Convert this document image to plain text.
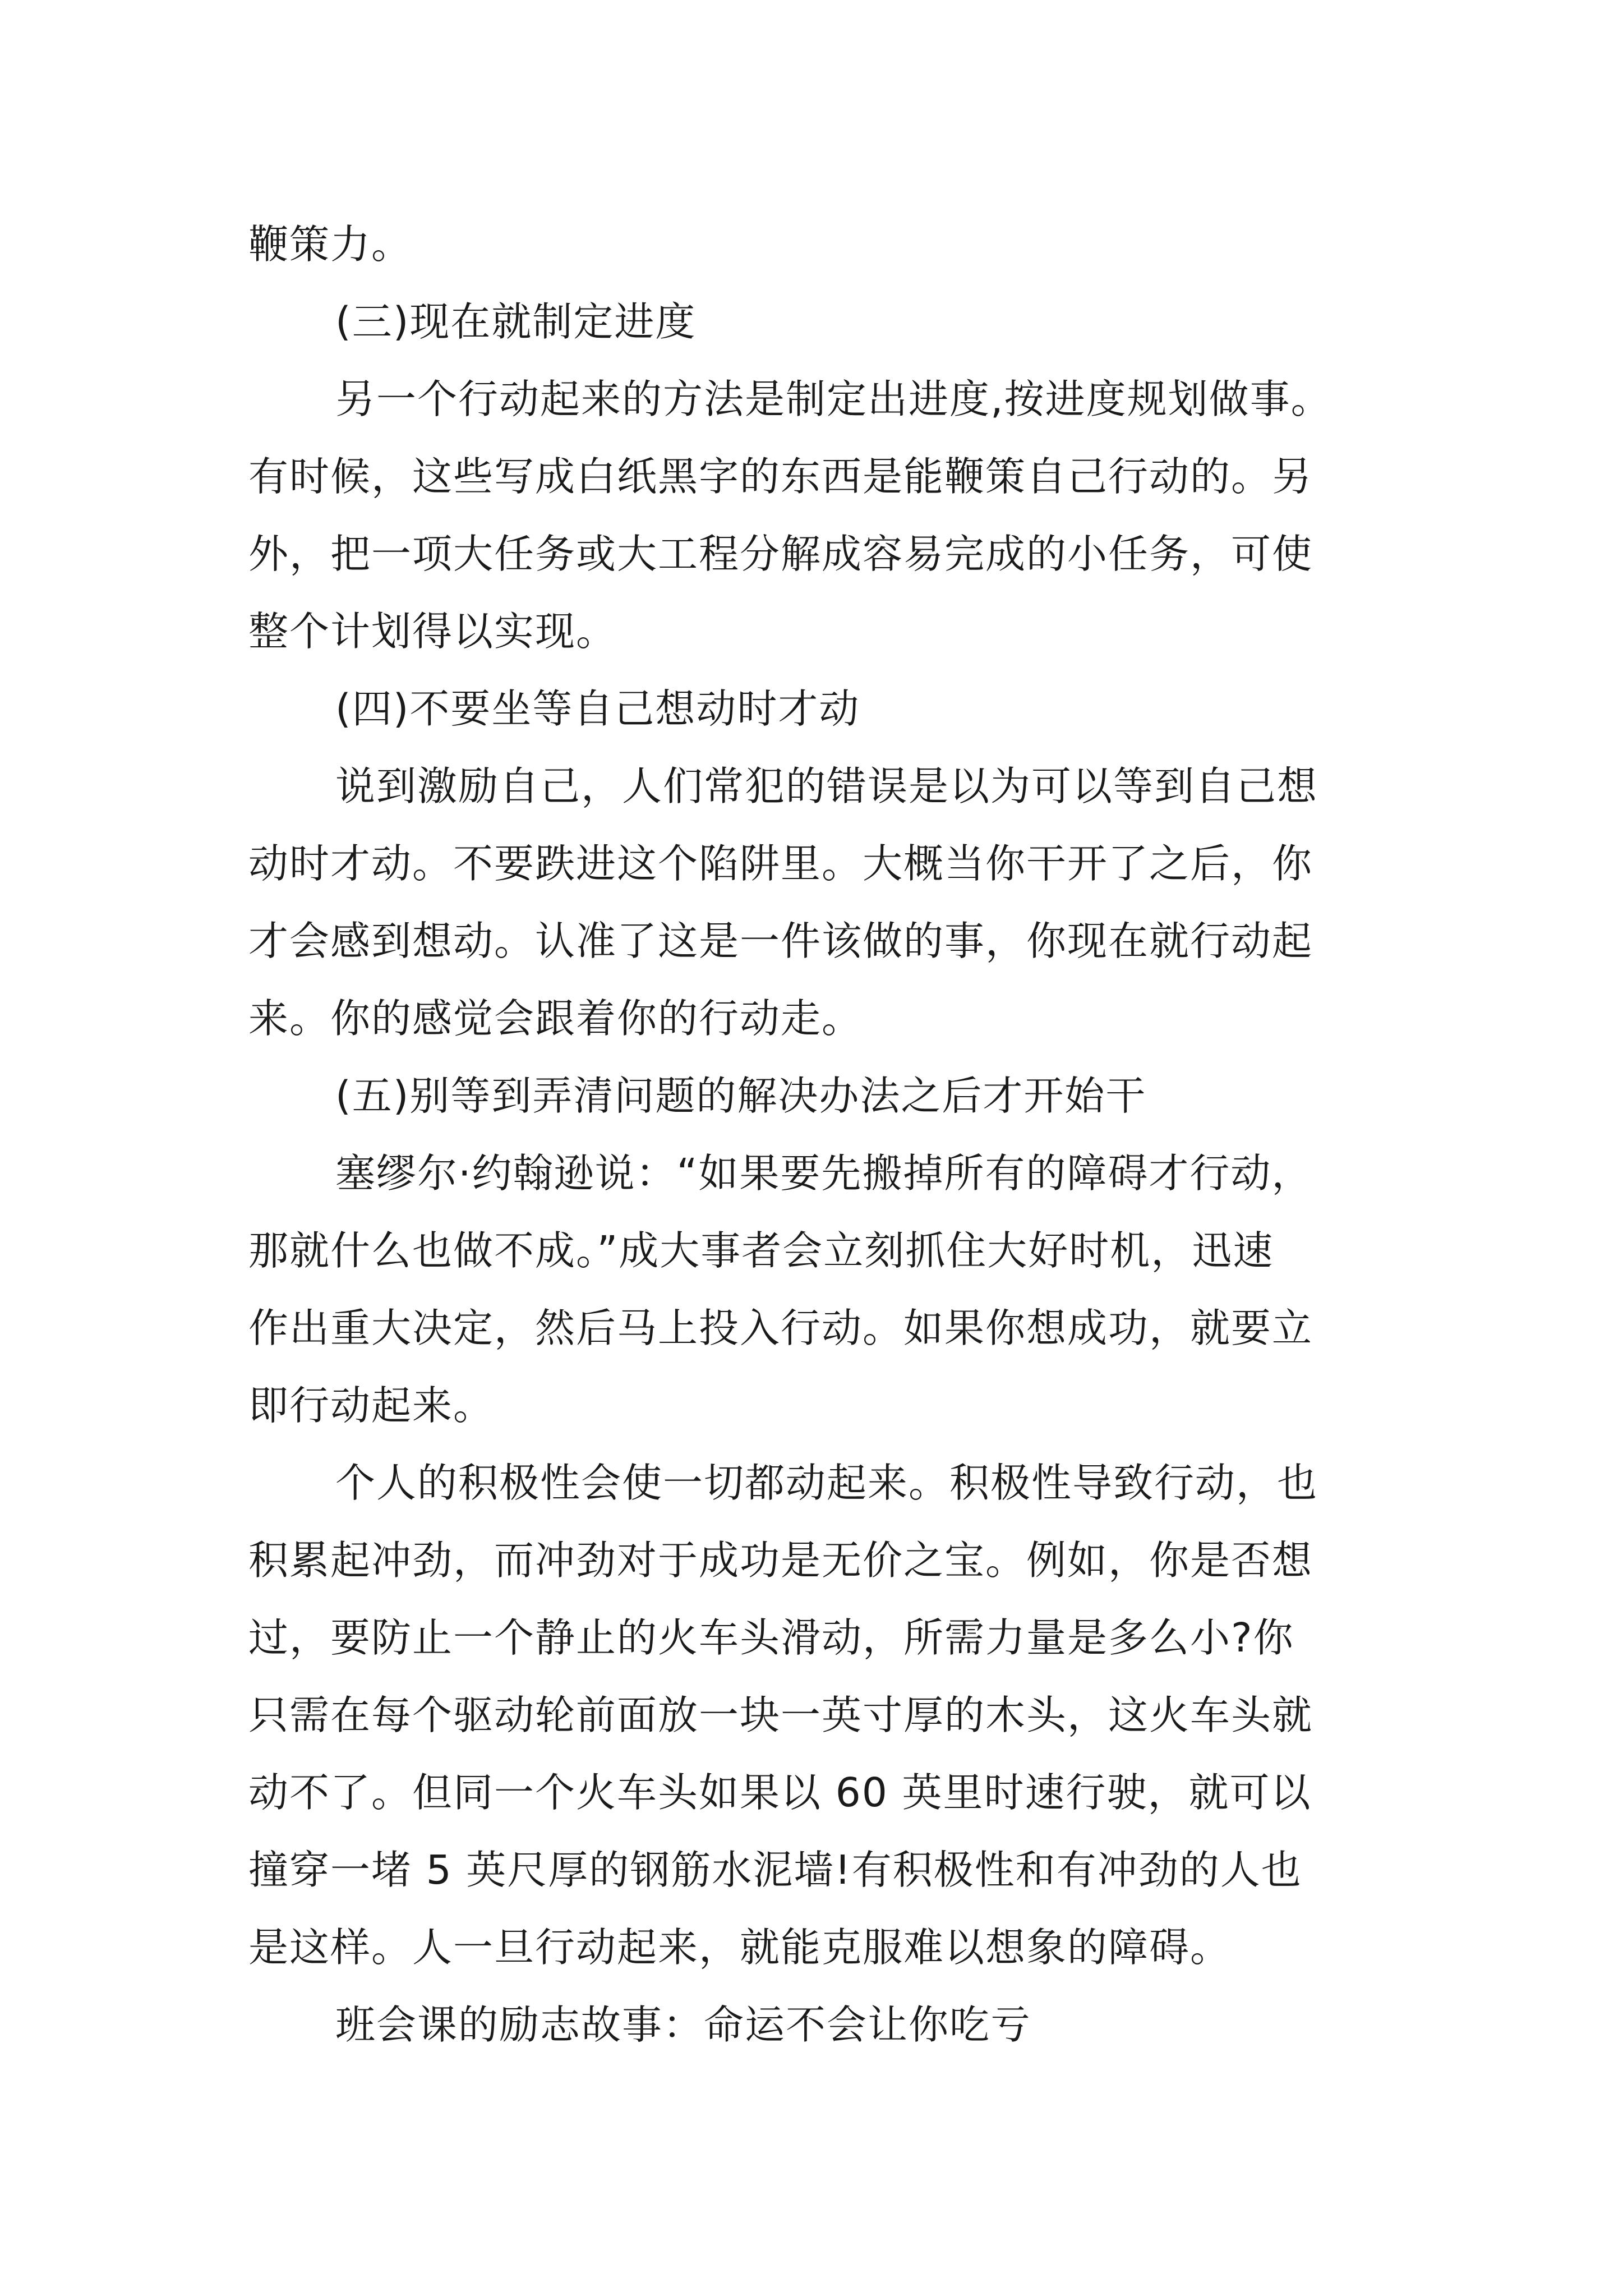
鞭策力。

(三)现在就制定进度

另一个行动起来的方法是制定出进度,按进度规划做事。

有时候，这些写成白纸黑字的东西是能鞭策自己行动的。另

外，把一项大任务或大工程分解成容易完成的小任务，可使

整个计划得以实现。

(四)不要坐等自己想动时才动

说到激励自己，人们常犯的错误是以为可以等到自己想

动时才动。不要跌进这个陷阱里。大概当你干开了之后，你

才会感到想动。认准了这是一件该做的事，你现在就行动起

来。你的感觉会跟着你的行动走。

(五)别等到弄清问题的解决办法之后才开始干

塞缪尔·约翰逊说：“如果要先搬掉所有的障碍才行动，

那就什么也做不成。”成大事者会立刻抓住大好时机，迅速

作出重大决定，然后马上投入行动。如果你想成功，就要立

即行动起来。

个人的积极性会使一切都动起来。积极性导致行动，也

积累起冲劲，而冲劲对于成功是无价之宝。例如，你是否想

过，要防止一个静止的火车头滑动，所需力量是多么小?你

只需在每个驱动轮前面放一块一英寸厚的木头，这火车头就

动不了。但同一个火车头如果以 60 英里时速行驶，就可以

撞穿一堵 5 英尺厚的钢筋水泥墙!有积极性和有冲劲的人也

是这样。人一旦行动起来，就能克服难以想象的障碍。

班会课的励志故事：命运不会让你吃亏
